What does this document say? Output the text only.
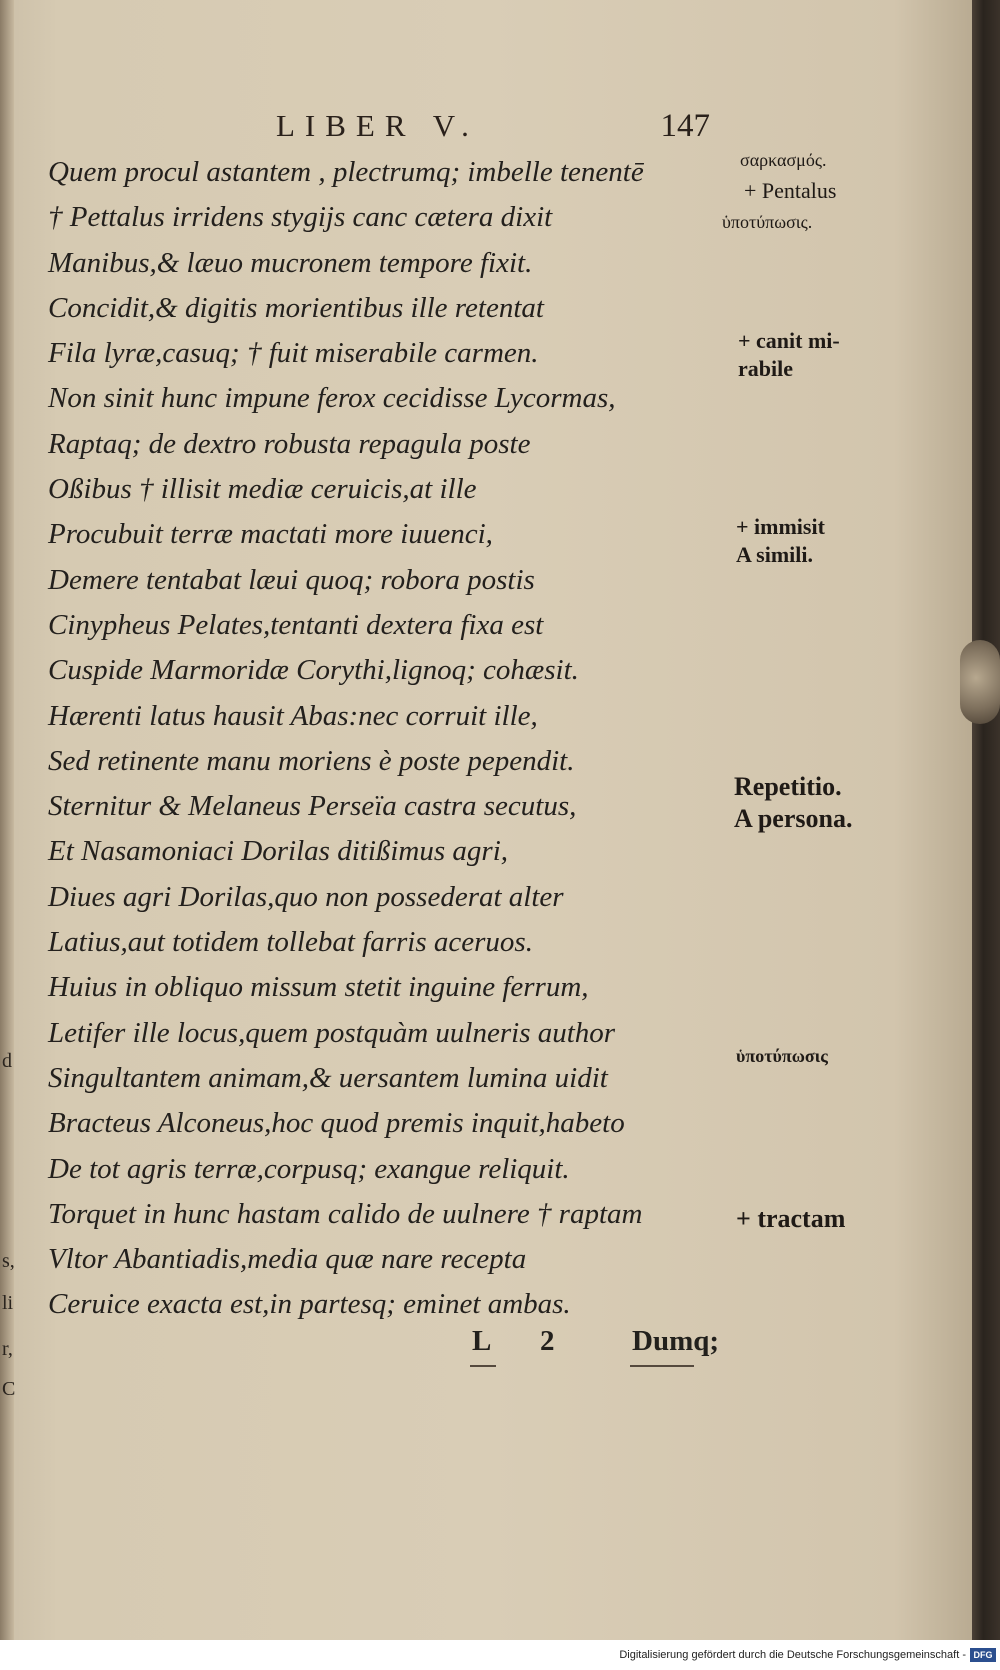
LIBER V.	147
Quem procul astantem , plectrumq; imbelle tenentē
† Pettalus irridens stygijs canc cætera dixit
Manibus,& læuo mucronem tempore fixit.
Concidit,& digitis morientibus ille retentat
Fila lyræ,casuq; † fuit miserabile carmen.
Non sinit hunc impune ferox cecidisse Lycormas,
Raptaq; de dextro robusta repagula poste
Oßibus † illisit mediæ ceruicis,at ille
Procubuit terræ mactati more iuuenci,
Demere tentabat læui quoq; robora postis
Cinypheus Pelates,tentanti dextera fixa est
Cuspide Marmoridæ Corythi,lignoq; cohæsit.
Hærenti latus hausit Abas:nec corruit ille,
Sed retinente manu moriens è poste pependit.
Sternitur & Melaneus Perseïa castra secutus,
Et Nasamoniaci Dorilas ditißimus agri,
Diues agri Dorilas,quo non possederat alter
Latius,aut totidem tollebat farris aceruos.
Huius in obliquo missum stetit inguine ferrum,
Letifer ille locus,quem postquàm uulneris author
Singultantem animam,& uersantem lumina uidit
Bracteus Alconeus,hoc quod premis inquit,habeto
De tot agris terræ,corpusq; exangue reliquit.
Torquet in hunc hastam calido de uulnere † raptam
Vltor Abantiadis,media quæ nare recepta
Ceruice exacta est,in partesq; eminet ambas.
σαρκασμός.
+ Pentalus
ὑποτύπωσις.
+ canit mi-
rabile
+ immisit
A simili.
Repetitio.
A persona.
ὑποτύπωσις
+ tractam
L 2	Dumq;
d
s,
li
r,
C
Digitalisierung gefördert durch die Deutsche Forschungsgemeinschaft - DFG
